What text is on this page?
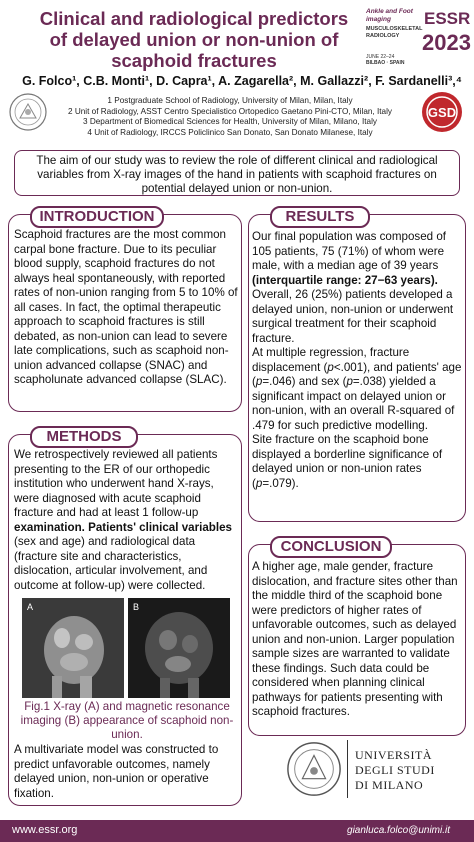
Clinical and radiological predictors of delayed union or non-union of scaphoid fractures
Ankle and Foot imaging
MUSCULOSKELETAL RADIOLOGY
JUNE 22–24
BILBAO · SPAIN
ESSR
2023
G. Folco¹, C.B. Monti¹, D. Capra¹, A. Zagarella², M. Gallazzi², F. Sardanelli³,⁴
1 Postgraduate School of Radiology, University of Milan, Milan, Italy
2 Unit of Radiology, ASST Centro Specialistico Ortopedico Gaetano Pini-CTO, Milan, Italy
3 Department of Biomedical Sciences for Health, University of Milan, Milano, Italy
4 Unit of Radiology, IRCCS Policlinico San Donato, San Donato Milanese, Italy
GSD
The aim of our study was to review the role of different clinical and radiological variables from X-ray images of the hand in patients with scaphoid fractures on potential delayed union or non-union.
INTRODUCTION
Scaphoid fractures are the most common carpal bone fracture. Due to its peculiar blood supply, scaphoid fractures do not always heal spontaneously, with reported rates of non-union ranging from 5 to 10% of all cases. In fact, the optimal therapeutic approach to scaphoid fractures is still debated, as non-union can lead to severe late complications, such as scaphoid non-union advanced collapse (SNAC) and scapholunate advanced collapse (SLAC).
METHODS
We retrospectively reviewed all patients presenting to the ER of our orthopedic institution who underwent hand X-rays, were diagnosed with acute scaphoid fracture and had at least 1 follow-up examination. Patients' clinical variables (sex and age) and radiological data (fracture site and characteristics, dislocation, articular involvement, and outcome at follow-up) were collected.
A	B
Fig.1 X-ray (A) and magnetic resonance imaging (B) appearance of scaphoid non-union.
A multivariate model was constructed to predict unfavorable outcomes, namely delayed union, non-union or operative fixation.
RESULTS
Our final population was composed of 105 patients, 75 (71%) of whom were male, with a median age of 39 years (interquartile range: 27−63 years). Overall, 26 (25%) patients developed a delayed union, non-union or underwent surgical treatment for their scaphoid fracture.
At multiple regression, fracture displacement (p<.001), and patients' age (p=.046) and sex (p=.038) yielded a significant impact on delayed union or non-union, with an overall R-squared of .479 for such predictive modelling.
Site fracture on the scaphoid bone displayed a borderline significance of delayed union or non-union rates (p=.079).
CONCLUSION
A higher age, male gender, fracture dislocation, and fracture sites other than the middle third of the scaphoid bone were predictors of higher rates of unfavorable outcomes, such as delayed union and non-union. Larger population sample sizes are warranted to validate these findings. Such data could be considered when planning clinical pathways for patients presenting with scaphoid fractures.
UNIVERSITÀ
DEGLI STUDI
DI MILANO
www.essr.org	gianluca.folco@unimi.it
